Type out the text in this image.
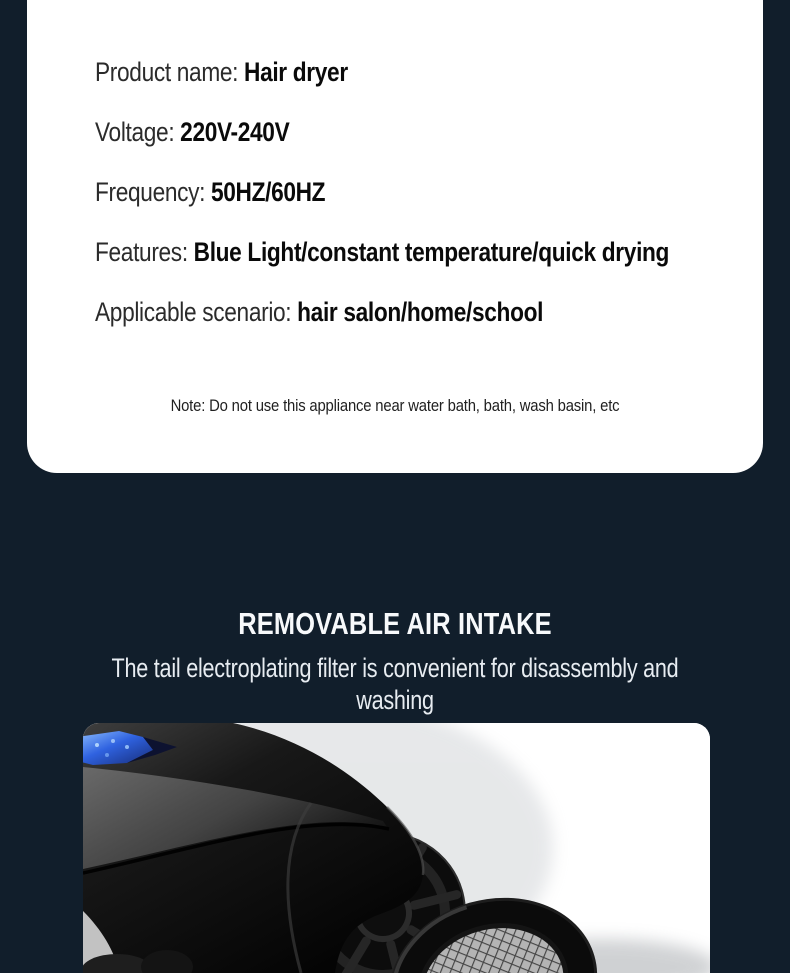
Product name: Hair dryer
Voltage: 220V-240V
Frequency: 50HZ/60HZ
Features: Blue Light/constant temperature/quick drying
Applicable scenario: hair salon/home/school
Note: Do not use this appliance near water bath, bath, wash basin, etc
REMOVABLE AIR INTAKE
The tail electroplating filter is convenient for disassembly and washing
